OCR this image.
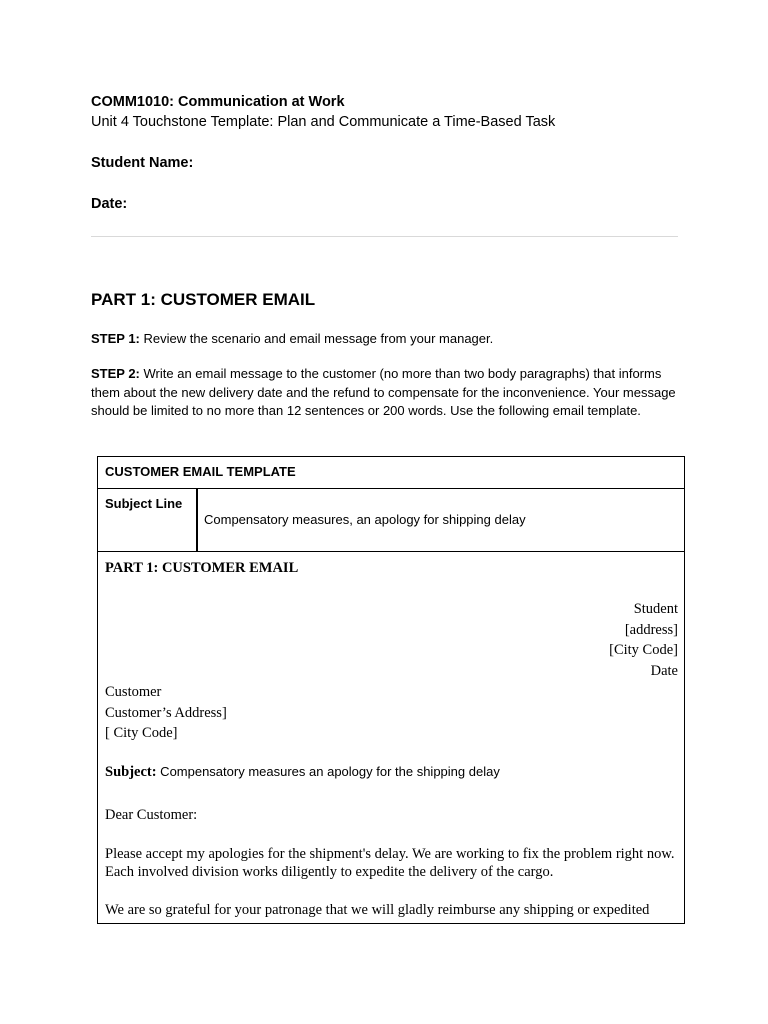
COMM1010: Communication at Work
Unit 4 Touchstone Template: Plan and Communicate a Time-Based Task
Student Name:
Date:
PART 1: CUSTOMER EMAIL
STEP 1: Review the scenario and email message from your manager.
STEP 2: Write an email message to the customer (no more than two body paragraphs) that informs them about the new delivery date and the refund to compensate for the inconvenience. Your message should be limited to no more than 12 sentences or 200 words. Use the following email template.
CUSTOMER EMAIL TEMPLATE
Subject Line
Compensatory measures, an apology for shipping delay
PART 1: CUSTOMER EMAIL
Student
[address]
[City Code]
Date
Customer
Customer’s Address]
[ City Code]
Subject: Compensatory measures an apology for the shipping delay
Dear Customer:
Please accept my apologies for the shipment's delay. We are working to fix the problem right now. Each involved division works diligently to expedite the delivery of the cargo.
We are so grateful for your patronage that we will gladly reimburse any shipping or expedited
